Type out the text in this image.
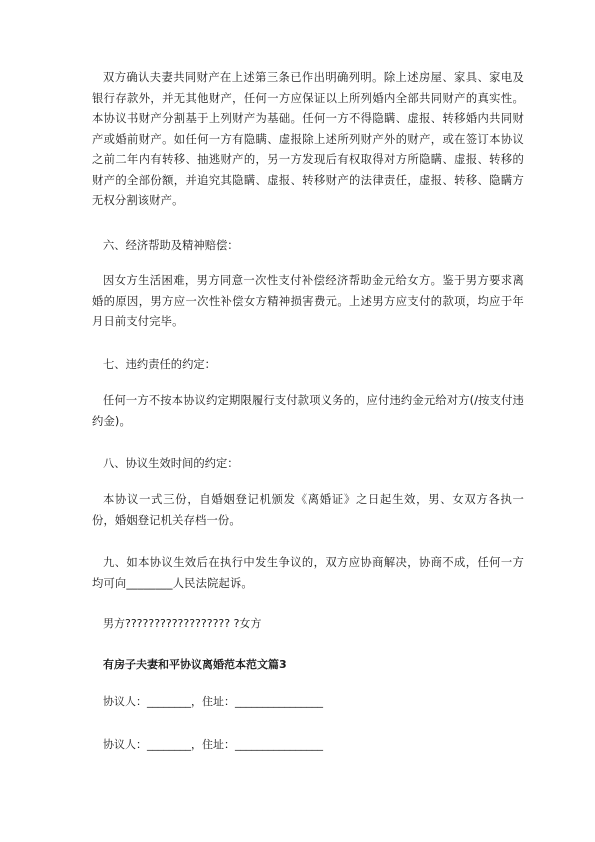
双方确认夫妻共同财产在上述第三条已作出明确列明。除上述房屋、家具、家电及银行存款外，并无其他财产，任何一方应保证以上所列婚内全部共同财产的真实性。本协议书财产分割基于上列财产为基础。任何一方不得隐瞒、虚报、转移婚内共同财产或婚前财产。如任何一方有隐瞒、虚报除上述所列财产外的财产，或在签订本协议之前二年内有转移、抽逃财产的，另一方发现后有权取得对方所隐瞒、虚报、转移的财产的全部份额，并追究其隐瞒、虚报、转移财产的法律责任，虚报、转移、隐瞒方无权分割该财产。

六、经济帮助及精神赔偿：

因女方生活困难，男方同意一次性支付补偿经济帮助金元给女方。鉴于男方要求离婚的原因，男方应一次性补偿女方精神损害费元。上述男方应支付的款项，均应于年月日前支付完毕。

七、违约责任的约定：

任何一方不按本协议约定期限履行支付款项义务的，应付违约金元给对方(/按支付违约金)。

八、协议生效时间的约定：

本协议一式三份，自婚姻登记机颁发《离婚证》之日起生效，男、女双方各执一份，婚姻登记机关存档一份。

九、如本协议生效后在执行中发生争议的，双方应协商解决，协商不成，任何一方均可向________人民法院起诉。

男方?????????????????? ?女方
有房子夫妻和平协议离婚范本范文篇3
协议人：________，住址：________________
协议人：________，住址：________________
